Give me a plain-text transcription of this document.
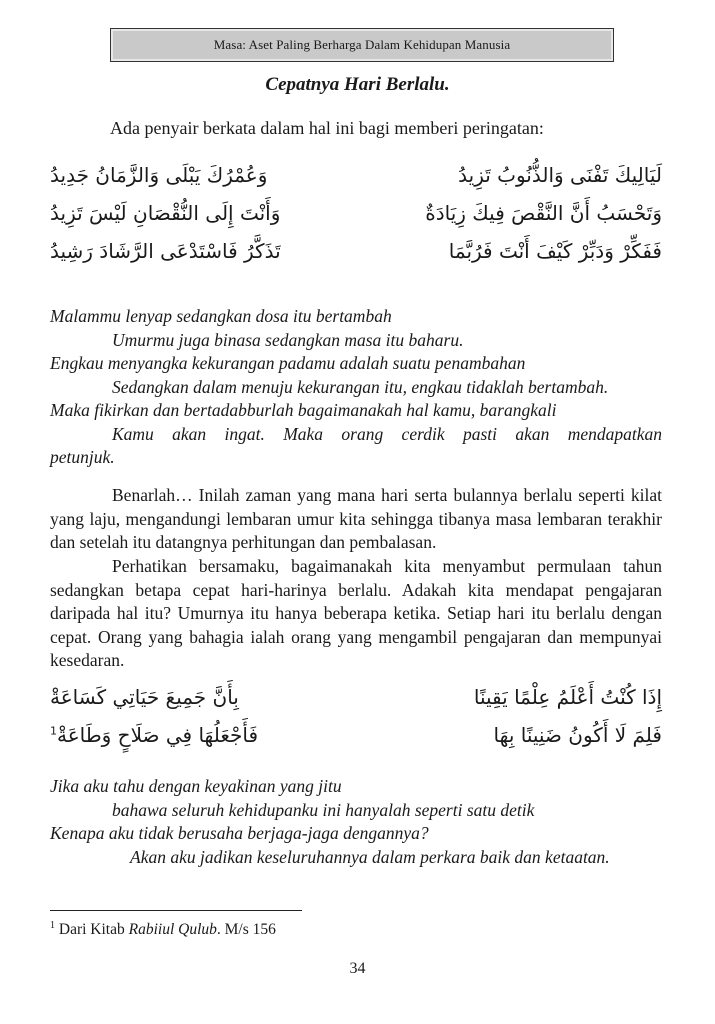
Masa: Aset Paling Berharga Dalam Kehidupan Manusia
Cepatnya Hari Berlalu.
Ada penyair berkata dalam hal ini bagi memberi peringatan:
لَيَالِيكَ تَفْنَى وَالذُّنُوبُ تَزِيدُ
وَعُمْرُكَ يَبْلَى وَالزَّمَانُ جَدِيدُ
وَتَحْسَبُ أَنَّ النَّقْصَ فِيكَ زِيَادَةٌ
وَأَنْتَ إِلَى النُّقْصَانِ لَيْسَ تَزِيدُ
فَفَكِّرْ وَدَبِّرْ كَيْفَ أَنْتَ فَرُبَّمَا
تَذَكَّرُ فَاسْتَدْعَى الرَّشَادَ رَشِيدُ
Malammu lenyap sedangkan dosa itu bertambah
Umurmu juga binasa sedangkan masa itu baharu.
Engkau menyangka kekurangan padamu adalah suatu penambahan
Sedangkan dalam menuju kekurangan itu, engkau tidaklah bertambah.
Maka fikirkan dan bertadabburlah bagaimanakah hal kamu, barangkali
Kamu akan ingat. Maka orang cerdik pasti akan mendapatkan
petunjuk.
Benarlah… Inilah zaman yang mana hari serta bulannya berlalu seperti kilat yang laju, mengandungi lembaran umur kita sehingga tibanya masa lembaran terakhir dan setelah itu datangnya perhitungan dan pembalasan.
Perhatikan bersamaku, bagaimanakah kita menyambut permulaan tahun sedangkan betapa cepat hari-harinya berlalu. Adakah kita mendapat pengajaran daripada hal itu? Umurnya itu hanya beberapa ketika. Setiap hari itu berlalu dengan cepat. Orang yang bahagia ialah orang yang mengambil pengajaran dan mempunyai kesedaran.
إِذَا كُنْتُ أَعْلَمُ عِلْمًا يَقِينًا
بِأَنَّ جَمِيعَ حَيَاتِي كَسَاعَةْ
فَلِمَ لَا أَكُونُ ضَنِينًا بِهَا
فَأَجْعَلُهَا فِي صَلَاحٍ وَطَاعَةْ$^1$
Jika aku tahu dengan keyakinan yang jitu
bahawa seluruh kehidupanku ini hanyalah seperti satu detik
Kenapa aku tidak berusaha berjaga-jaga dengannya?
Akan aku jadikan keseluruhannya dalam perkara baik dan ketaatan.
$^1$ Dari Kitab Rabiiul Qulub. M/s 156
34
